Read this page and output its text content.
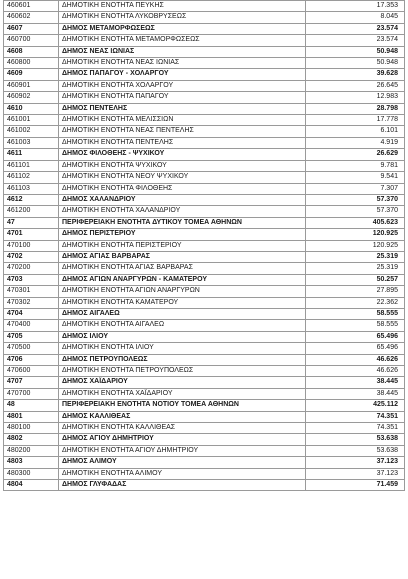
460601	ΔΗΜΟΤΙΚΗ ΕΝΟΤΗΤΑ ΠΕΥΚΗΣ	17.353
460602	ΔΗΜΟΤΙΚΗ ΕΝΟΤΗΤΑ ΛΥΚΟΒΡΥΣΕΩΣ	8.045
4607	ΔΗΜΟΣ ΜΕΤΑΜΟΡΦΩΣΕΩΣ	23.574
460700	ΔΗΜΟΤΙΚΗ ΕΝΟΤΗΤΑ ΜΕΤΑΜΟΡΦΩΣΕΩΣ	23.574
4608	ΔΗΜΟΣ ΝΕΑΣ ΙΩΝΙΑΣ	50.948
460800	ΔΗΜΟΤΙΚΗ ΕΝΟΤΗΤΑ ΝΕΑΣ ΙΩΝΙΑΣ	50.948
4609	ΔΗΜΟΣ ΠΑΠΑΓΟΥ - ΧΟΛΑΡΓΟΥ	39.628
460901	ΔΗΜΟΤΙΚΗ ΕΝΟΤΗΤΑ ΧΟΛΑΡΓΟΥ	26.645
460902	ΔΗΜΟΤΙΚΗ ΕΝΟΤΗΤΑ ΠΑΠΑΓΟΥ	12.983
4610	ΔΗΜΟΣ ΠΕΝΤΕΛΗΣ	28.798
461001	ΔΗΜΟΤΙΚΗ ΕΝΟΤΗΤΑ ΜΕΛΙΣΣΙΩΝ	17.778
461002	ΔΗΜΟΤΙΚΗ ΕΝΟΤΗΤΑ ΝΕΑΣ ΠΕΝΤΕΛΗΣ	6.101
461003	ΔΗΜΟΤΙΚΗ ΕΝΟΤΗΤΑ ΠΕΝΤΕΛΗΣ	4.919
4611	ΔΗΜΟΣ ΦΙΛΟΘΕΗΣ - ΨΥΧΙΚΟΥ	26.629
461101	ΔΗΜΟΤΙΚΗ ΕΝΟΤΗΤΑ ΨΥΧΙΚΟΥ	9.781
461102	ΔΗΜΟΤΙΚΗ ΕΝΟΤΗΤΑ ΝΕΟΥ ΨΥΧΙΚΟΥ	9.541
461103	ΔΗΜΟΤΙΚΗ ΕΝΟΤΗΤΑ ΦΙΛΟΘΕΗΣ	7.307
4612	ΔΗΜΟΣ ΧΑΛΑΝΔΡΙΟΥ	57.370
461200	ΔΗΜΟΤΙΚΗ ΕΝΟΤΗΤΑ ΧΑΛΑΝΔΡΙΟΥ	57.370
47	ΠΕΡΙΦΕΡΕΙΑΚΗ ΕΝΟΤΗΤΑ ΔΥΤΙΚΟΥ ΤΟΜΕΑ ΑΘΗΝΩΝ	405.623
4701	ΔΗΜΟΣ ΠΕΡΙΣΤΕΡΙΟΥ	120.925
470100	ΔΗΜΟΤΙΚΗ ΕΝΟΤΗΤΑ ΠΕΡΙΣΤΕΡΙΟΥ	120.925
4702	ΔΗΜΟΣ ΑΓΙΑΣ ΒΑΡΒΑΡΑΣ	25.319
470200	ΔΗΜΟΤΙΚΗ ΕΝΟΤΗΤΑ ΑΓΙΑΣ ΒΑΡΒΑΡΑΣ	25.319
4703	ΔΗΜΟΣ ΑΓΙΩΝ ΑΝΑΡΓΥΡΩΝ - ΚΑΜΑΤΕΡΟΥ	50.257
470301	ΔΗΜΟΤΙΚΗ ΕΝΟΤΗΤΑ ΑΓΙΩΝ ΑΝΑΡΓΥΡΩΝ	27.895
470302	ΔΗΜΟΤΙΚΗ ΕΝΟΤΗΤΑ ΚΑΜΑΤΕΡΟΥ	22.362
4704	ΔΗΜΟΣ ΑΙΓΑΛΕΩ	58.555
470400	ΔΗΜΟΤΙΚΗ ΕΝΟΤΗΤΑ ΑΙΓΑΛΕΩ	58.555
4705	ΔΗΜΟΣ ΙΛΙΟΥ	65.496
470500	ΔΗΜΟΤΙΚΗ ΕΝΟΤΗΤΑ ΙΛΙΟΥ	65.496
4706	ΔΗΜΟΣ ΠΕΤΡΟΥΠΟΛΕΩΣ	46.626
470600	ΔΗΜΟΤΙΚΗ ΕΝΟΤΗΤΑ ΠΕΤΡΟΥΠΟΛΕΩΣ	46.626
4707	ΔΗΜΟΣ ΧΑΪΔΑΡΙΟΥ	38.445
470700	ΔΗΜΟΤΙΚΗ ΕΝΟΤΗΤΑ ΧΑΪΔΑΡΙΟΥ	38.445
48	ΠΕΡΙΦΕΡΕΙΑΚΗ ΕΝΟΤΗΤΑ ΝΟΤΙΟΥ ΤΟΜΕΑ ΑΘΗΝΩΝ	425.112
4801	ΔΗΜΟΣ ΚΑΛΛΙΘΕΑΣ	74.351
480100	ΔΗΜΟΤΙΚΗ ΕΝΟΤΗΤΑ ΚΑΛΛΙΘΕΑΣ	74.351
4802	ΔΗΜΟΣ ΑΓΙΟΥ ΔΗΜΗΤΡΙΟΥ	53.638
480200	ΔΗΜΟΤΙΚΗ ΕΝΟΤΗΤΑ ΑΓΙΟΥ ΔΗΜΗΤΡΙΟΥ	53.638
4803	ΔΗΜΟΣ ΑΛΙΜΟΥ	37.123
480300	ΔΗΜΟΤΙΚΗ ΕΝΟΤΗΤΑ ΑΛΙΜΟΥ	37.123
4804	ΔΗΜΟΣ ΓΛΥΦΑΔΑΣ	71.459
